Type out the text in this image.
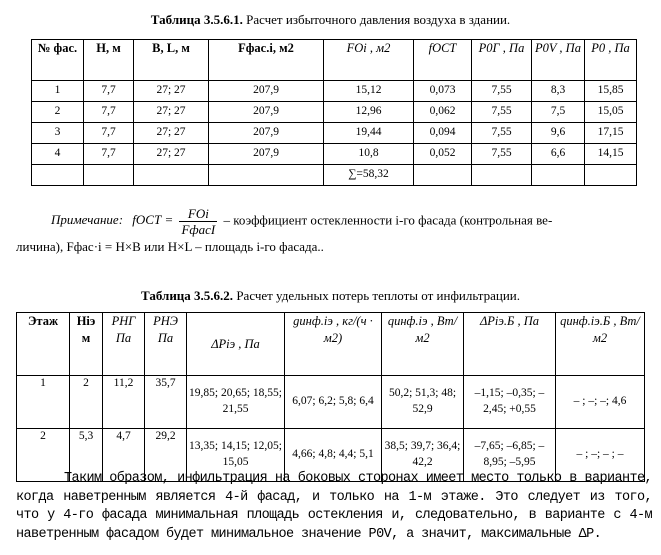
Таблица 3.5.6.1. Расчет избыточного давления воздуха в здании.
№ фас.	H, м	B, L, м	Fфас.i, м2	FOi , м2	fОСТ	P0Г , Па	P0V , Па	P0 , Па
1	7,7	27; 27	207,9	15,12	0,073	7,55	8,3	15,85
2	7,7	27; 27	207,9	12,96	0,062	7,55	7,5	15,05
3	7,7	27; 27	207,9	19,44	0,094	7,55	9,6	17,15
4	7,7	27; 27	207,9	10,8	0,052	7,55	6,6	14,15
				∑=58,32				
Примечание: fОСТ = $\frac{\text{FOi}}{\text{FфасI}}$ – коэффициент остекленности i-го фасада (контрольная ве-
личина), Fфас·i = H×B или H×L – площадь i-го фасада..
Таблица 3.5.6.2. Расчет удельных потерь теплоты от инфильтрации.
Этаж	Hiэ м	PНГ Па	PНЭ Па	ΔPiэ , Па	gинф.iэ , кг/(ч · м2)	qинф.iэ , Вт/м2	ΔPiэ.Б , Па	qинф.iэ.Б , Вт/м2
1	2	11,2	35,7	19,85; 20,65; 18,55; 21,55	6,07; 6,2; 5,8; 6,4	50,2; 51,3; 48; 52,9	–1,15; –0,35; –2,45; +0,55	– ; –; –; 4,6
2	5,3	4,7	29,2	13,35; 14,15; 12,05; 15,05	4,66; 4,8; 4,4; 5,1	38,5; 39,7; 36,4; 42,2	–7,65; –6,85; –8,95; –5,95	– ; –; – ; –
Таким образом, инфильтрация на боковых сторонах имеет место только в варианте, когда наветренным является 4-й фасад, и только на 1-м этаже. Это следует из того, что у 4-го фасада минимальная площадь остекления и, следовательно, в варианте с 4-м наветренным фасадом будет минимальное значение P0V, а значит, максимальные ΔP.
